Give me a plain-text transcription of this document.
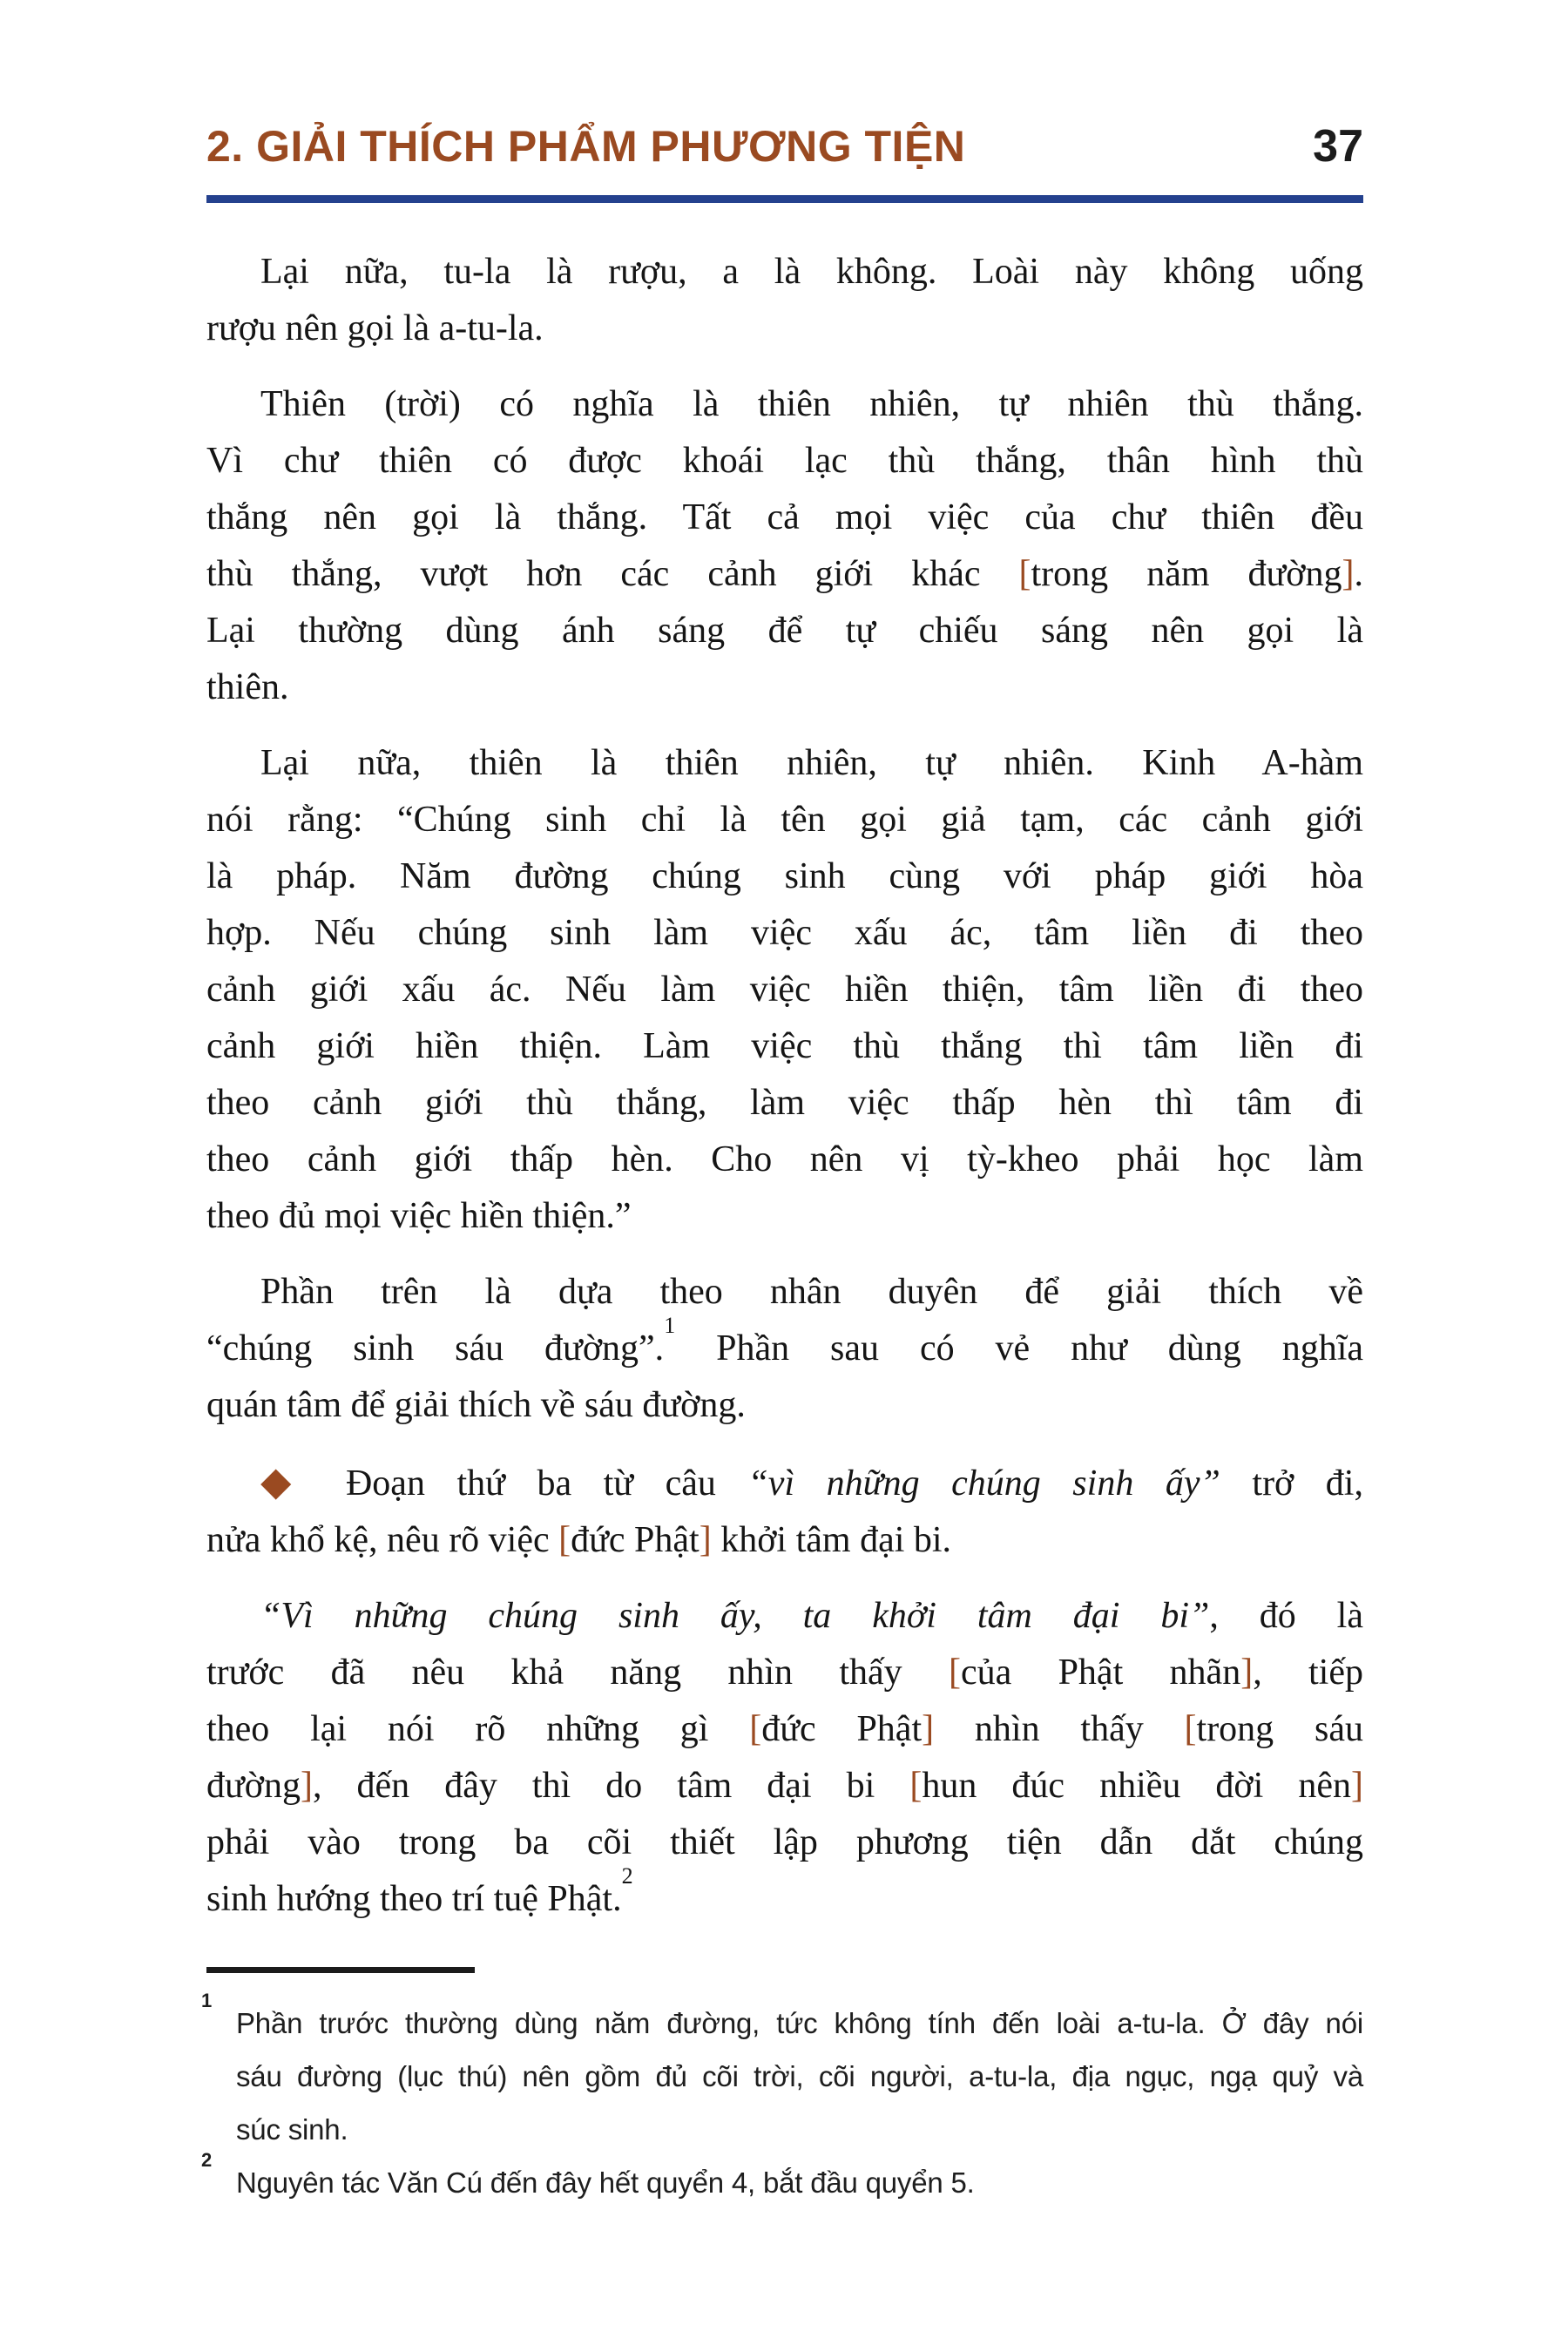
2. GIẢI THÍCH PHẨM PHƯƠNG TIỆN	37
Lại nữa, tu-la là rượu, a là không. Loài này không uống
rượu nên gọi là a-tu-la.
Thiên (trời) có nghĩa là thiên nhiên, tự nhiên thù thắng.
Vì chư thiên có được khoái lạc thù thắng, thân hình thù
thắng nên gọi là thắng. Tất cả mọi việc của chư thiên đều
thù thắng, vượt hơn các cảnh giới khác [trong năm đường].
Lại thường dùng ánh sáng để tự chiếu sáng nên gọi là
thiên.
Lại nữa, thiên là thiên nhiên, tự nhiên. Kinh A-hàm
nói rằng: “Chúng sinh chỉ là tên gọi giả tạm, các cảnh giới
là pháp. Năm đường chúng sinh cùng với pháp giới hòa
hợp. Nếu chúng sinh làm việc xấu ác, tâm liền đi theo
cảnh giới xấu ác. Nếu làm việc hiền thiện, tâm liền đi theo
cảnh giới hiền thiện. Làm việc thù thắng thì tâm liền đi
theo cảnh giới thù thắng, làm việc thấp hèn thì tâm đi
theo cảnh giới thấp hèn. Cho nên vị tỳ-kheo phải học làm
theo đủ mọi việc hiền thiện.”
Phần trên là dựa theo nhân duyên để giải thích về
“chúng sinh sáu đường”.$^1$ Phần sau có vẻ như dùng nghĩa
quán tâm để giải thích về sáu đường.
◆ Đoạn thứ ba từ câu “vì những chúng sinh ấy” trở đi,
nửa khổ kệ, nêu rõ việc [đức Phật] khởi tâm đại bi.
“Vì những chúng sinh ấy, ta khởi tâm đại bi”, đó là
trước đã nêu khả năng nhìn thấy [của Phật nhãn], tiếp
theo lại nói rõ những gì [đức Phật] nhìn thấy [trong sáu
đường], đến đây thì do tâm đại bi [hun đúc nhiều đời nên]
phải vào trong ba cõi thiết lập phương tiện dẫn dắt chúng
sinh hướng theo trí tuệ Phật.$^2$
1
Phần trước thường dùng năm đường, tức không tính đến loài a-tu-la. Ở đây nói
sáu đường (lục thú) nên gồm đủ cõi trời, cõi người, a-tu-la, địa ngục, ngạ quỷ và
súc sinh.
2
Nguyên tác Văn Cú đến đây hết quyển 4, bắt đầu quyển 5.
